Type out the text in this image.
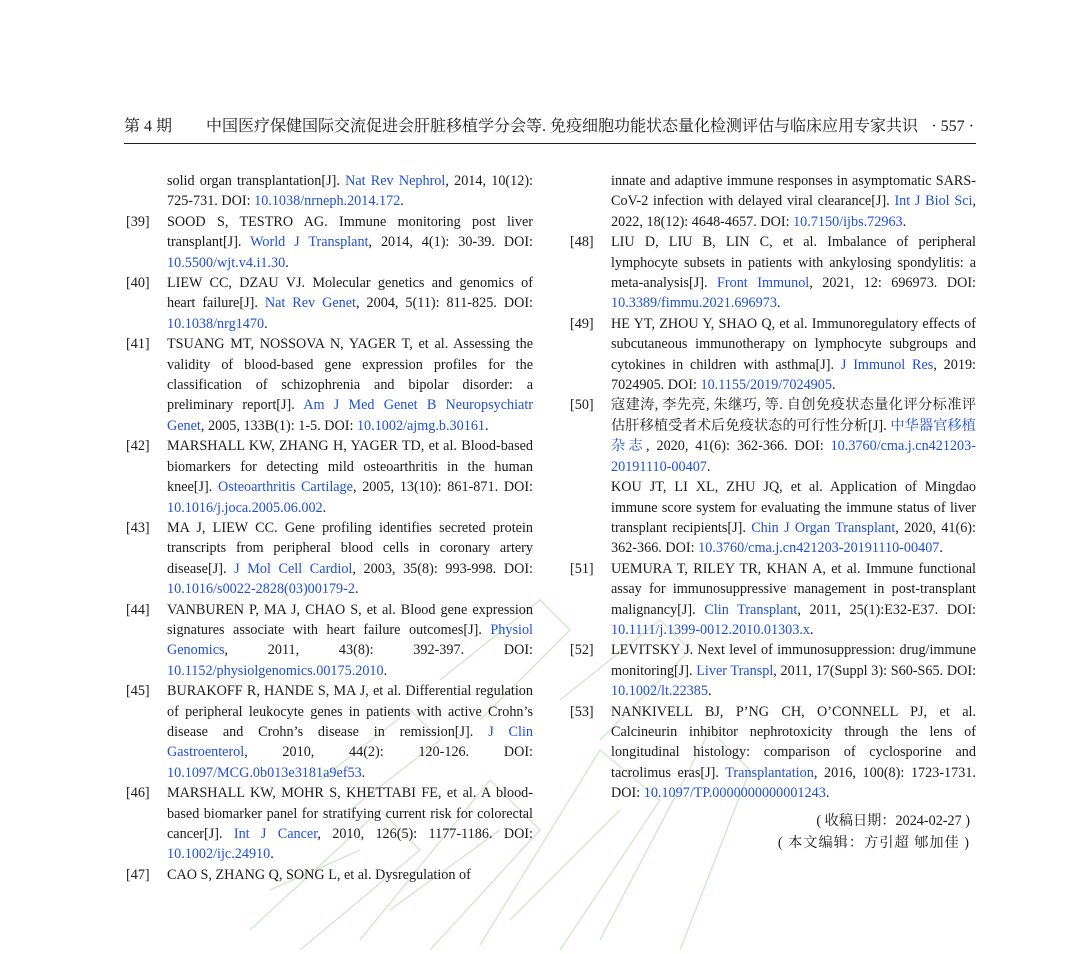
第 4 期 中国医疗保健国际交流促进会肝脏移植学分会等. 免疫细胞功能状态量化检测评估与临床应用专家共识 · 557 ·
solid organ transplantation[J]. Nat Rev Nephrol, 2014, 10(12): 725-731. DOI: 10.1038/nrneph.2014.172.
[39] SOOD S, TESTRO AG. Immune monitoring post liver transplant[J]. World J Transplant, 2014, 4(1): 30-39. DOI: 10.5500/wjt.v4.i1.30.
[40] LIEW CC, DZAU VJ. Molecular genetics and genomics of heart failure[J]. Nat Rev Genet, 2004, 5(11): 811-825. DOI: 10.1038/nrg1470.
[41] TSUANG MT, NOSSOVA N, YAGER T, et al. Assessing the validity of blood-based gene expression profiles for the classification of schizophrenia and bipolar disorder: a preliminary report[J]. Am J Med Genet B Neuropsychiatr Genet, 2005, 133B(1): 1-5. DOI: 10.1002/ajmg.b.30161.
[42] MARSHALL KW, ZHANG H, YAGER TD, et al. Blood-based biomarkers for detecting mild osteoarthritis in the human knee[J]. Osteoarthritis Cartilage, 2005, 13(10): 861-871. DOI: 10.1016/j.joca.2005.06.002.
[43] MA J, LIEW CC. Gene profiling identifies secreted protein transcripts from peripheral blood cells in coronary artery disease[J]. J Mol Cell Cardiol, 2003, 35(8): 993-998. DOI: 10.1016/s0022-2828(03)00179-2.
[44] VANBUREN P, MA J, CHAO S, et al. Blood gene expression signatures associate with heart failure outcomes[J]. Physiol Genomics, 2011, 43(8): 392-397. DOI: 10.1152/physiolgenomics.00175.2010.
[45] BURAKOFF R, HANDE S, MA J, et al. Differential regulation of peripheral leukocyte genes in patients with active Crohn’s disease and Crohn’s disease in remission[J]. J Clin Gastroenterol, 2010, 44(2): 120-126. DOI: 10.1097/MCG.0b013e3181a9ef53.
[46] MARSHALL KW, MOHR S, KHETTABI FE, et al. A blood-based biomarker panel for stratifying current risk for colorectal cancer[J]. Int J Cancer, 2010, 126(5): 1177-1186. DOI: 10.1002/ijc.24910.
[47] CAO S, ZHANG Q, SONG L, et al. Dysregulation of
innate and adaptive immune responses in asymptomatic SARS-CoV-2 infection with delayed viral clearance[J]. Int J Biol Sci, 2022, 18(12): 4648-4657. DOI: 10.7150/ijbs.72963.
[48] LIU D, LIU B, LIN C, et al. Imbalance of peripheral lymphocyte subsets in patients with ankylosing spondylitis: a meta-analysis[J]. Front Immunol, 2021, 12: 696973. DOI: 10.3389/fimmu.2021.696973.
[49] HE YT, ZHOU Y, SHAO Q, et al. Immunoregulatory effects of subcutaneous immunotherapy on lymphocyte subgroups and cytokines in children with asthma[J]. J Immunol Res, 2019: 7024905. DOI: 10.1155/2019/7024905.
[50] 寇建涛, 李先亮, 朱继巧, 等. 自创免疫状态量化评分标准评估肝移植受者术后免疫状态的可行性分析[J]. 中华器官移植杂志, 2020, 41(6): 362-366. DOI: 10.3760/cma.j.cn421203-20191110-00407.
KOU JT, LI XL, ZHU JQ, et al. Application of Mingdao immune score system for evaluating the immune status of liver transplant recipients[J]. Chin J Organ Transplant, 2020, 41(6): 362-366. DOI: 10.3760/cma.j.cn421203-20191110-00407.
[51] UEMURA T, RILEY TR, KHAN A, et al. Immune functional assay for immunosuppressive management in post-transplant malignancy[J]. Clin Transplant, 2011, 25(1):E32-E37. DOI: 10.1111/j.1399-0012.2010.01303.x.
[52] LEVITSKY J. Next level of immunosuppression: drug/immune monitoring[J]. Liver Transpl, 2011, 17(Suppl 3): S60-S65. DOI: 10.1002/lt.22385.
[53] NANKIVELL BJ, P’NG CH, O’CONNELL PJ, et al. Calcineurin inhibitor nephrotoxicity through the lens of longitudinal histology: comparison of cyclosporine and tacrolimus eras[J]. Transplantation, 2016, 100(8): 1723-1731. DOI: 10.1097/TP.0000000000001243.
( 收稿日期：2024-02-27 )
( 本文编辑：方引超 郇加佳 )
